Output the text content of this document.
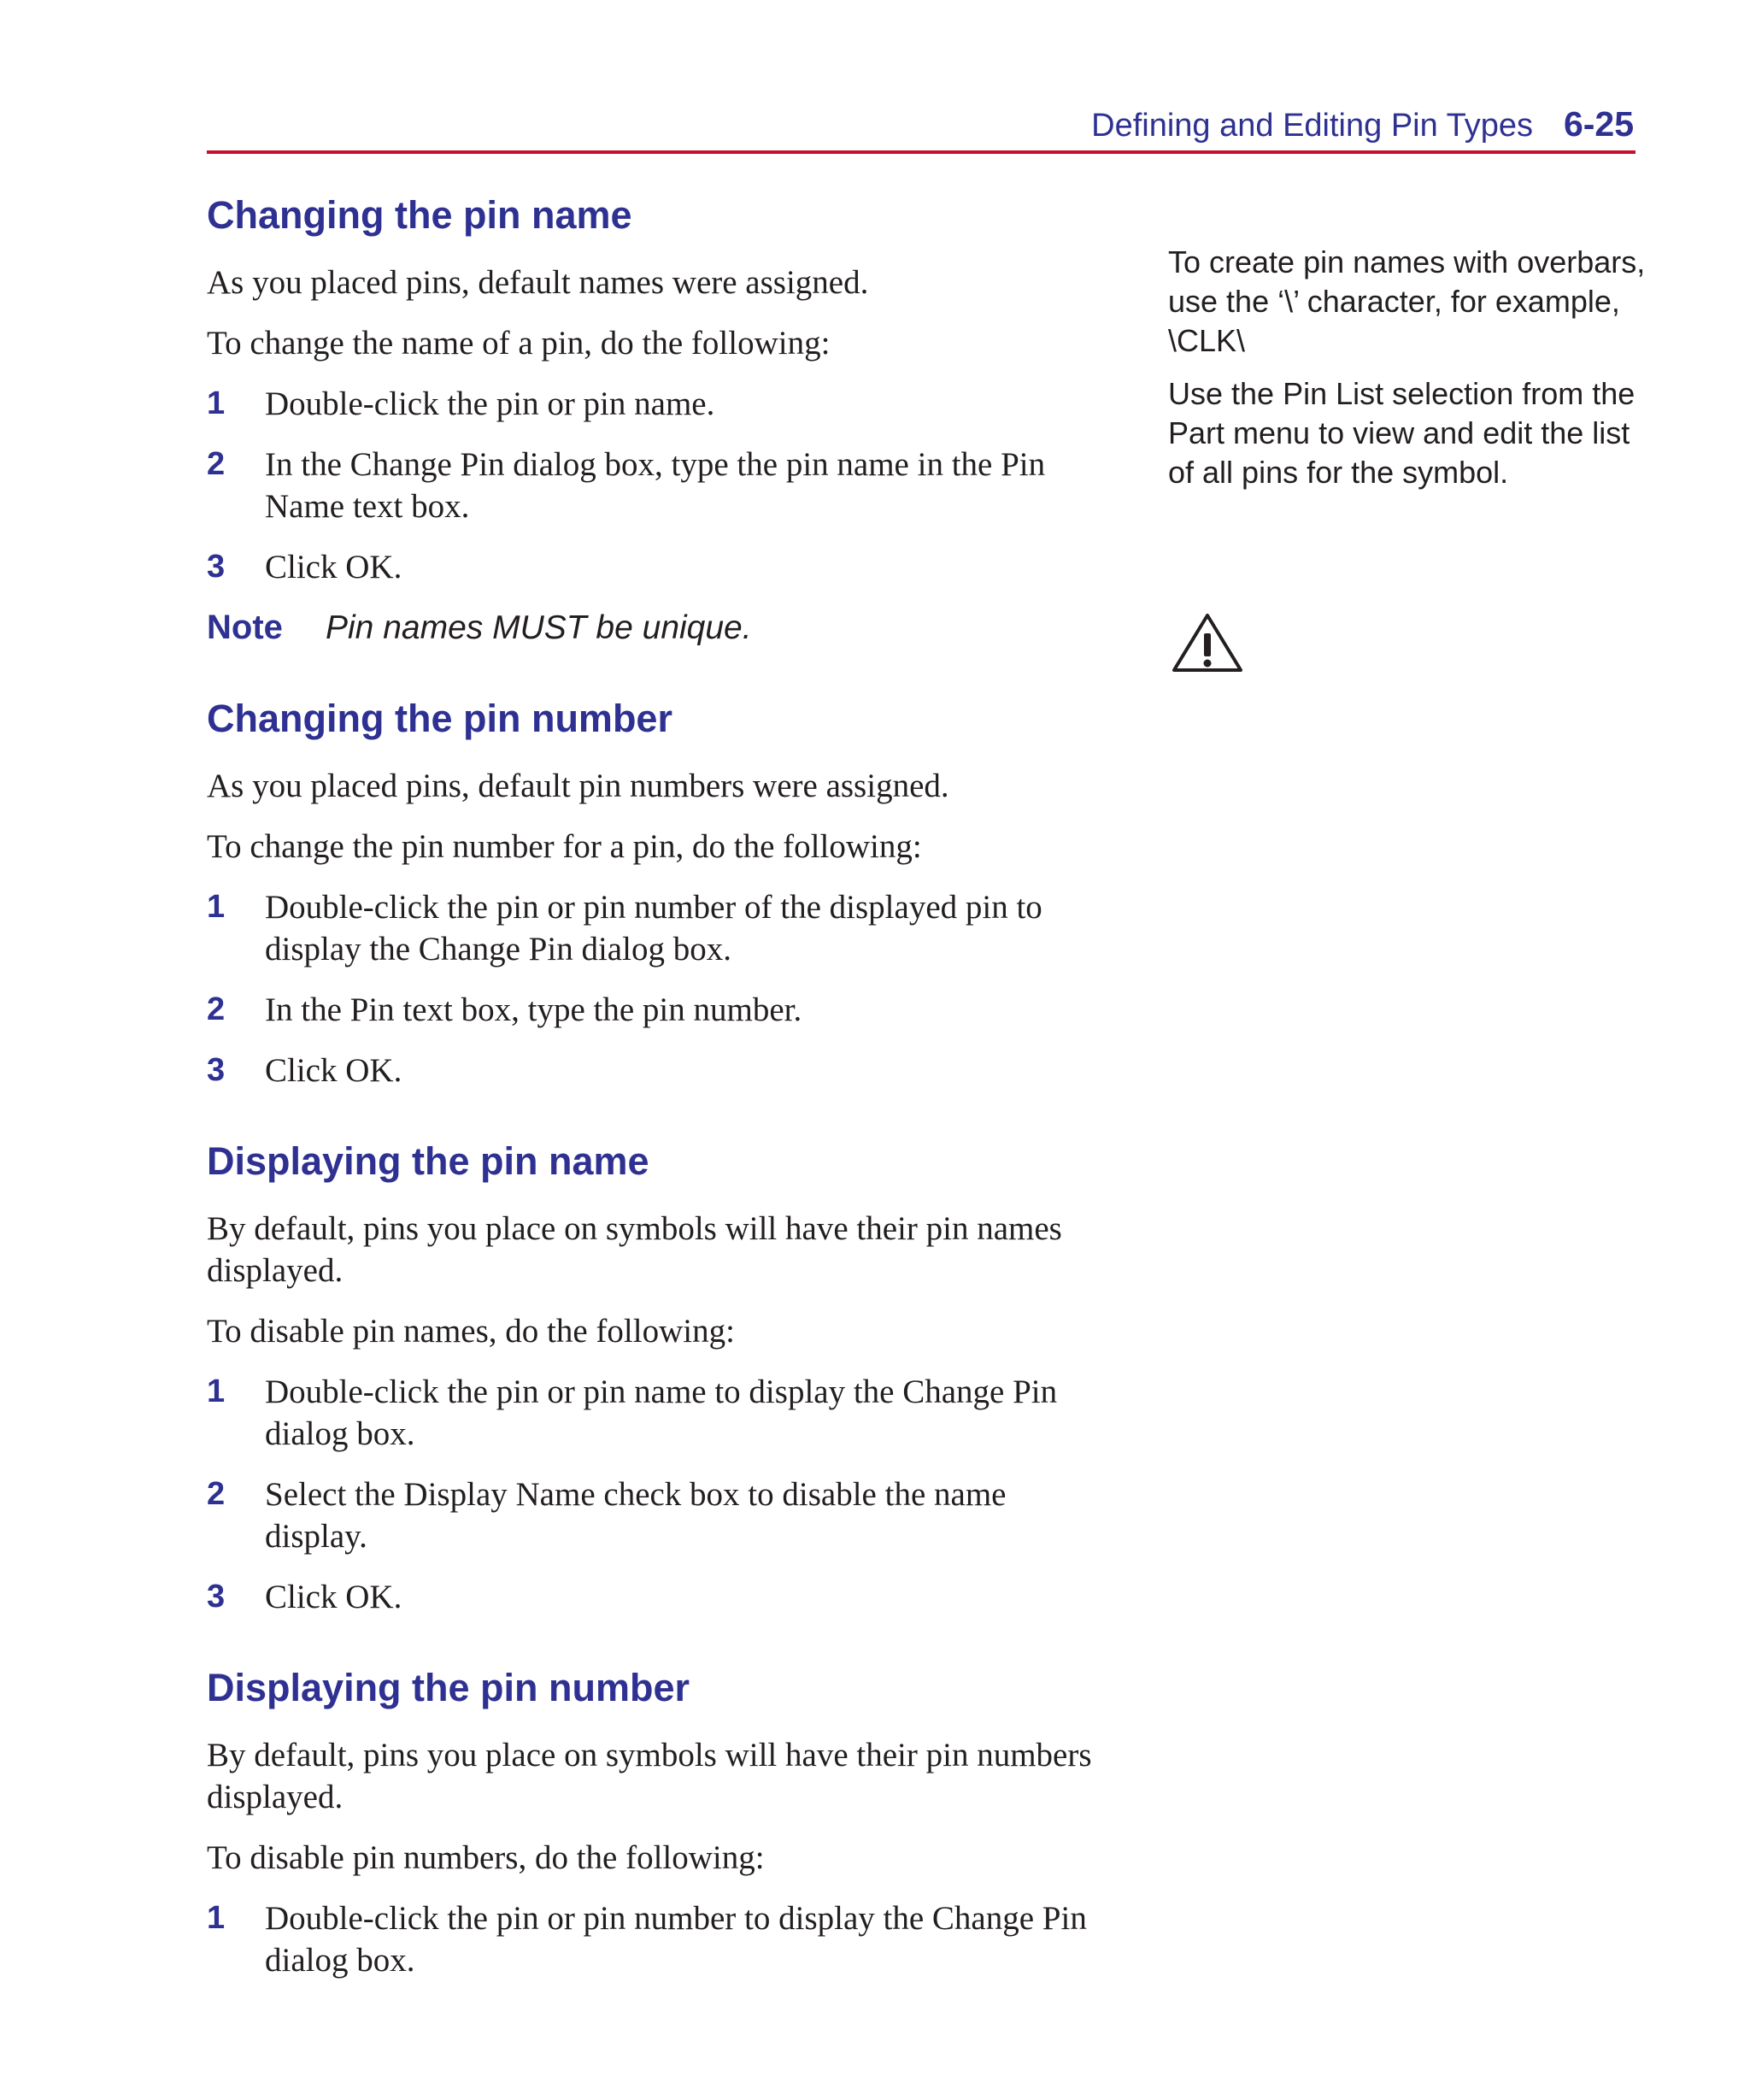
Defining and Editing Pin Types 6-25
Changing the pin name

As you placed pins, default names were assigned.

To change the name of a pin, do the following:

1 Double-click the pin or pin name.
2 In the Change Pin dialog box, type the pin name in the Pin Name text box.
3 Click OK.
Note Pin names MUST be unique.
Changing the pin number

As you placed pins, default pin numbers were assigned.

To change the pin number for a pin, do the following:

1 Double-click the pin or pin number of the displayed pin to display the Change Pin dialog box.
2 In the Pin text box, type the pin number.
3 Click OK.
Displaying the pin name

By default, pins you place on symbols will have their pin names displayed.

To disable pin names, do the following:

1 Double-click the pin or pin name to display the Change Pin dialog box.
2 Select the Display Name check box to disable the name display.
3 Click OK.
Displaying the pin number

By default, pins you place on symbols will have their pin numbers displayed.

To disable pin numbers, do the following:

1 Double-click the pin or pin number to display the Change Pin dialog box.

To create pin names with overbars, use the ‘\’ character, for example, \CLK\

Use the Pin List selection from the Part menu to view and edit the list of all pins for the symbol.
